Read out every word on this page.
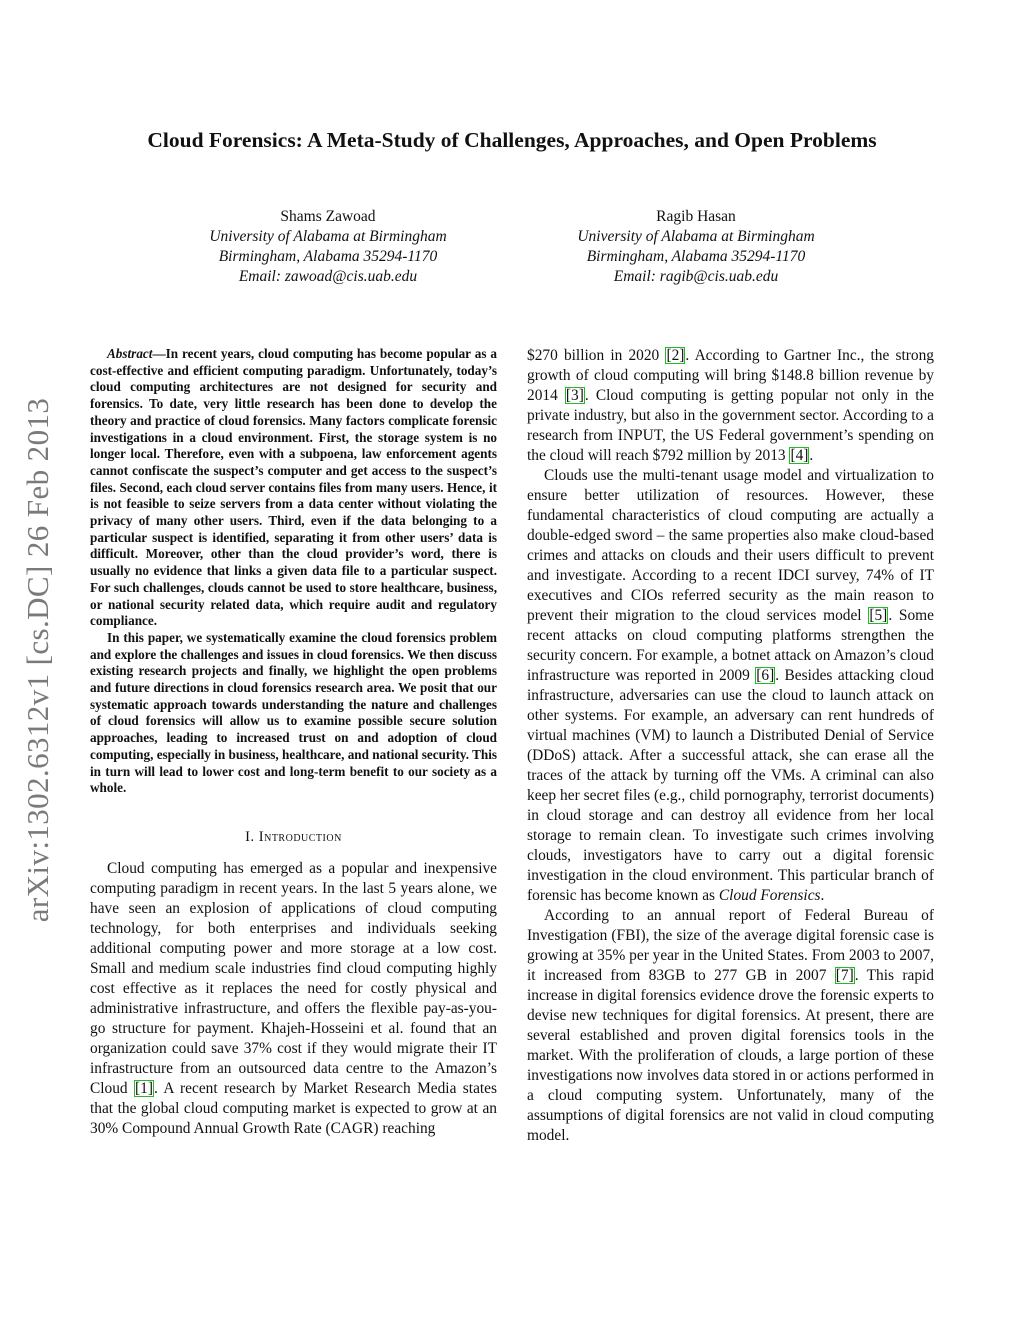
arXiv:1302.6312v1 [cs.DC] 26 Feb 2013
Cloud Forensics: A Meta-Study of Challenges, Approaches, and Open Problems
Shams Zawoad
University of Alabama at Birmingham
Birmingham, Alabama 35294-1170
Email: zawoad@cis.uab.edu
Ragib Hasan
University of Alabama at Birmingham
Birmingham, Alabama 35294-1170
Email: ragib@cis.uab.edu

Abstract—In recent years, cloud computing has become popular as a cost-effective and efficient computing paradigm. Unfortunately, today’s cloud computing architectures are not designed for security and forensics. To date, very little research has been done to develop the theory and practice of cloud forensics. Many factors complicate forensic investigations in a cloud environment. First, the storage system is no longer local. Therefore, even with a subpoena, law enforcement agents cannot confiscate the suspect’s computer and get access to the suspect’s files. Second, each cloud server contains files from many users. Hence, it is not feasible to seize servers from a data center without violating the privacy of many other users. Third, even if the data belonging to a particular suspect is identified, separating it from other users’ data is difficult. Moreover, other than the cloud provider’s word, there is usually no evidence that links a given data file to a particular suspect. For such challenges, clouds cannot be used to store healthcare, business, or national security related data, which require audit and regulatory compliance.

In this paper, we systematically examine the cloud forensics problem and explore the challenges and issues in cloud forensics. We then discuss existing research projects and finally, we highlight the open problems and future directions in cloud forensics research area. We posit that our systematic approach towards understanding the nature and challenges of cloud forensics will allow us to examine possible secure solution approaches, leading to increased trust on and adoption of cloud computing, especially in business, healthcare, and national security. This in turn will lead to lower cost and long-term benefit to our society as a whole.

I. Introduction

Cloud computing has emerged as a popular and inexpensive computing paradigm in recent years. In the last 5 years alone, we have seen an explosion of applications of cloud computing technology, for both enterprises and individuals seeking additional computing power and more storage at a low cost. Small and medium scale industries find cloud computing highly cost effective as it replaces the need for costly physical and administrative infrastructure, and offers the flexible pay-as-you-go structure for payment. Khajeh-Hosseini et al. found that an organization could save 37% cost if they would migrate their IT infrastructure from an outsourced data centre to the Amazon’s Cloud [1]. A recent research by Market Research Media states that the global cloud computing market is expected to grow at an 30% Compound Annual Growth Rate (CAGR) reaching

$270 billion in 2020 [2]. According to Gartner Inc., the strong growth of cloud computing will bring $148.8 billion revenue by 2014 [3]. Cloud computing is getting popular not only in the private industry, but also in the government sector. According to a research from INPUT, the US Federal government’s spending on the cloud will reach $792 million by 2013 [4].

Clouds use the multi-tenant usage model and virtualization to ensure better utilization of resources. However, these fundamental characteristics of cloud computing are actually a double-edged sword – the same properties also make cloud-based crimes and attacks on clouds and their users difficult to prevent and investigate. According to a recent IDCI survey, 74% of IT executives and CIOs referred security as the main reason to prevent their migration to the cloud services model [5]. Some recent attacks on cloud computing platforms strengthen the security concern. For example, a botnet attack on Amazon’s cloud infrastructure was reported in 2009 [6]. Besides attacking cloud infrastructure, adversaries can use the cloud to launch attack on other systems. For example, an adversary can rent hundreds of virtual machines (VM) to launch a Distributed Denial of Service (DDoS) attack. After a successful attack, she can erase all the traces of the attack by turning off the VMs. A criminal can also keep her secret files (e.g., child pornography, terrorist documents) in cloud storage and can destroy all evidence from her local storage to remain clean. To investigate such crimes involving clouds, investigators have to carry out a digital forensic investigation in the cloud environment. This particular branch of forensic has become known as Cloud Forensics.

According to an annual report of Federal Bureau of Investigation (FBI), the size of the average digital forensic case is growing at 35% per year in the United States. From 2003 to 2007, it increased from 83GB to 277 GB in 2007 [7]. This rapid increase in digital forensics evidence drove the forensic experts to devise new techniques for digital forensics. At present, there are several established and proven digital forensics tools in the market. With the proliferation of clouds, a large portion of these investigations now involves data stored in or actions performed in a cloud computing system. Unfortunately, many of the assumptions of digital forensics are not valid in cloud computing model.
